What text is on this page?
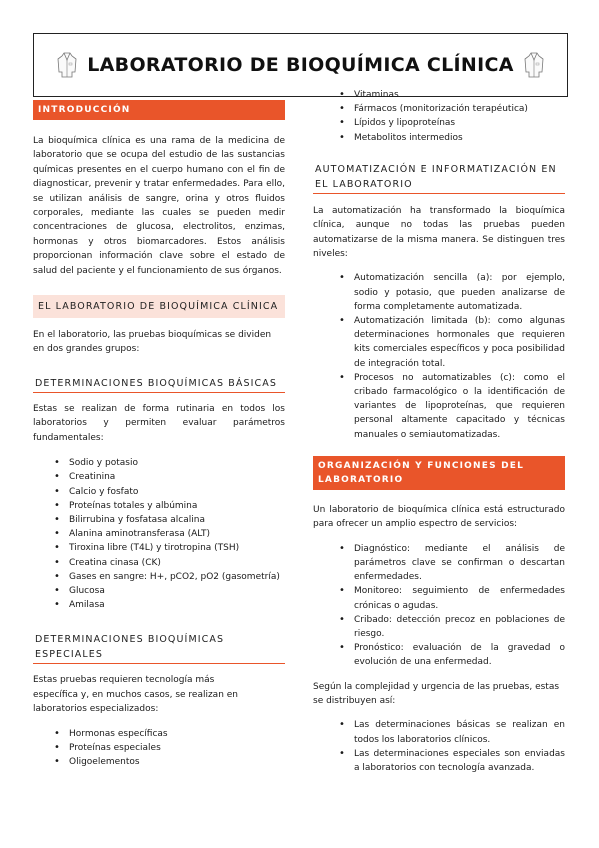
LABORATORIO DE BIOQUÍMICA CLÍNICA
INTRODUCCIÓN

La bioquímica clínica es una rama de la medicina de laboratorio que se ocupa del estudio de las sustancias químicas presentes en el cuerpo humano con el fin de diagnosticar, prevenir y tratar enfermedades. Para ello, se utilizan análisis de sangre, orina y otros fluidos corporales, mediante las cuales se pueden medir concentraciones de glucosa, electrolitos, enzimas, hormonas y otros biomarcadores. Estos análisis proporcionan información clave sobre el estado de salud del paciente y el funcionamiento de sus órganos.

EL LABORATORIO DE BIOQUÍMICA CLÍNICA

En el laboratorio, las pruebas bioquímicas se dividen en dos grandes grupos:

DETERMINACIONES BIOQUÍMICAS BÁSICAS

Estas se realizan de forma rutinaria en todos los laboratorios y permiten evaluar parámetros fundamentales:

• Sodio y potasio
• Creatinina
• Calcio y fosfato
• Proteínas totales y albúmina
• Bilirrubina y fosfatasa alcalina
• Alanina aminotransferasa (ALT)
• Tiroxina libre (T4L) y tirotropina (TSH)
• Creatina cinasa (CK)
• Gases en sangre: H+, pCO2, pO2 (gasometría)
• Glucosa
• Amilasa
DETERMINACIONES BIOQUÍMICAS ESPECIALES

Estas pruebas requieren tecnología más específica y, en muchos casos, se realizan en laboratorios especializados:

• Hormonas específicas
• Proteínas especiales
• Oligoelementos
• Vitaminas
• Fármacos (monitorización terapéutica)
• Lípidos y lipoproteínas
• Metabolitos intermedios
AUTOMATIZACIÓN E INFORMATIZACIÓN EN EL LABORATORIO

La automatización ha transformado la bioquímica clínica, aunque no todas las pruebas pueden automatizarse de la misma manera. Se distinguen tres niveles:

• Automatización sencilla (a): por ejemplo, sodio y potasio, que pueden analizarse de forma completamente automatizada.
• Automatización limitada (b): como algunas determinaciones hormonales que requieren kits comerciales específicos y poca posibilidad de integración total.
• Procesos no automatizables (c): como el cribado farmacológico o la identificación de variantes de lipoproteínas, que requieren personal altamente capacitado y técnicas manuales o semiautomatizadas.
ORGANIZACIÓN Y FUNCIONES DEL LABORATORIO

Un laboratorio de bioquímica clínica está estructurado para ofrecer un amplio espectro de servicios:

• Diagnóstico: mediante el análisis de parámetros clave se confirman o descartan enfermedades.
• Monitoreo: seguimiento de enfermedades crónicas o agudas.
• Cribado: detección precoz en poblaciones de riesgo.
• Pronóstico: evaluación de la gravedad o evolución de una enfermedad.

Según la complejidad y urgencia de las pruebas, estas se distribuyen así:

• Las determinaciones básicas se realizan en todos los laboratorios clínicos.
• Las determinaciones especiales son enviadas a laboratorios con tecnología avanzada.
